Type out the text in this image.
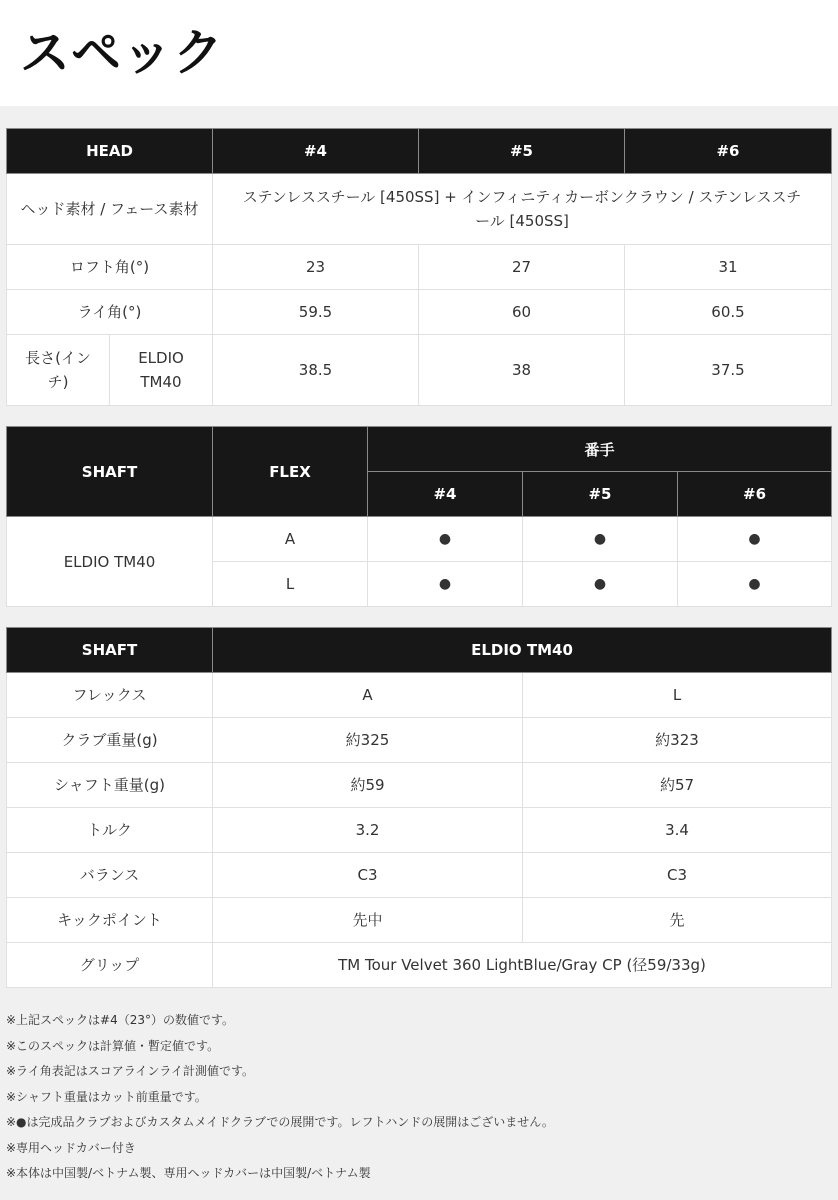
スペック
HEAD		#4	#5	#6
ヘッド素材 / フェース素材		ステンレススチール [450SS] + インフィニティカーボンクラウン / ステンレススチール [450SS]		
ロフト角(°)		23	27	31
ライ角(°)		59.5	60	60.5
長さ(インチ)	ELDIO TM40	38.5	38	37.5
SHAFT	FLEX	番手		
		#4	#5	#6
ELDIO TM40	A	●	●	●
	L	●	●	●
SHAFT	ELDIO TM40	
フレックス	A	L
クラブ重量(g)	約325	約323
シャフト重量(g)	約59	約57
トルク	3.2	3.4
バランス	C3	C3
キックポイント	先中	先
グリップ	TM Tour Velvet 360 LightBlue/Gray CP (径59/33g)	
※上記スペックは#4（23°）の数値です。
※このスペックは計算値・暫定値です。
※ライ角表記はスコアラインライ計測値です。
※シャフト重量はカット前重量です。
※●は完成品クラブおよびカスタムメイドクラブでの展開です。レフトハンドの展開はございません。
※専用ヘッドカバー付き
※本体は中国製/ベトナム製、専用ヘッドカバーは中国製/ベトナム製
